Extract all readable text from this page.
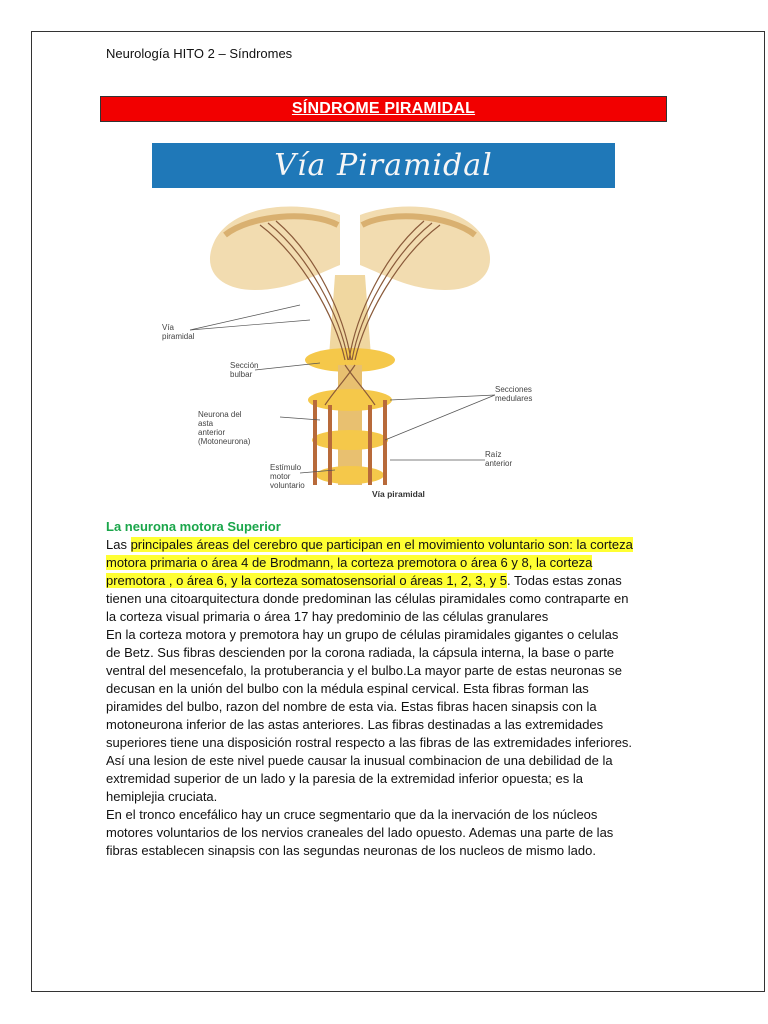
Neurología HITO 2 – Síndromes
SÍNDROME PIRAMIDAL
Vía Piramidal
Vía
piramidal
Sección
bulbar
Secciones
medulares
Neurona del
asta
anterior
(Motoneurona)
Raíz
anterior
Estímulo
motor
voluntario
Vía piramidal

La neurona motora Superior

Las principales áreas del cerebro que participan en el movimiento voluntario son: la corteza motora primaria o área 4 de Brodmann, la corteza premotora o área 6 y 8, la corteza premotora , o área 6, y la corteza somatosensorial o áreas 1, 2, 3, y 5. Todas estas zonas tienen una citoarquitectura donde predominan las células piramidales como contraparte en la corteza visual primaria o área 17 hay predominio de las células granulares

En la corteza motora y premotora hay un grupo de células piramidales gigantes o celulas de Betz. Sus fibras descienden por la corona radiada, la cápsula interna, la base o parte ventral del mesencefalo, la protuberancia y el bulbo.La mayor parte de estas neuronas se decusan en la unión del bulbo con la médula espinal cervical. Esta fibras forman las piramides del bulbo, razon del nombre de esta via. Estas fibras hacen sinapsis con la motoneurona inferior de las astas anteriores. Las fibras destinadas a las extremidades superiores tiene una disposición rostral respecto a las fibras de las extremidades inferiores. Así una lesion de este nivel puede causar la inusual combinacion de una debilidad de la extremidad superior de un lado y la paresia de la extremidad inferior opuesta; es la hemiplejia cruciata.

En el tronco encefálico hay un cruce segmentario que da la inervación de los núcleos motores voluntarios de los nervios craneales del lado opuesto. Ademas una parte de las fibras establecen sinapsis con las segundas neuronas de los nucleos de mismo lado.
